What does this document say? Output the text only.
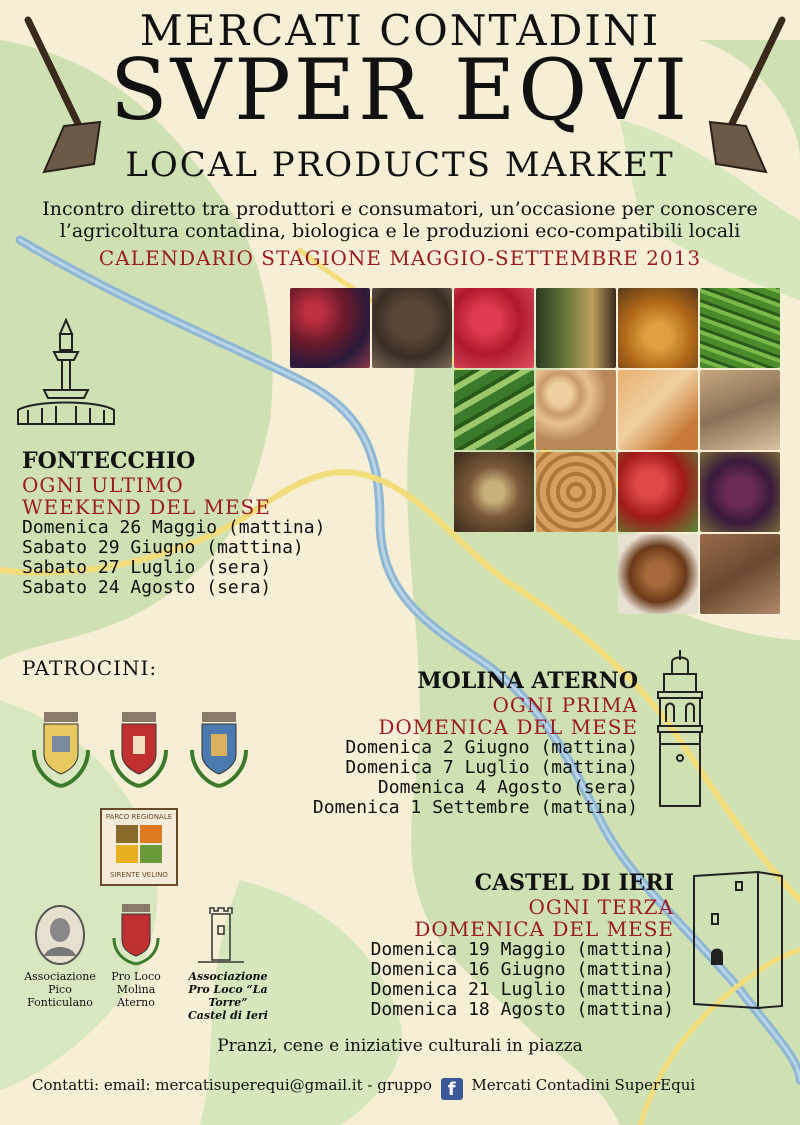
MERCATI CONTADINI
SVPER EQVI
LOCAL PRODUCTS MARKET
Incontro diretto tra produttori e consumatori, un’occasione per conoscere
l’agricoltura contadina, biologica e le produzioni eco-compatibili locali
CALENDARIO STAGIONE MAGGIO-SETTEMBRE 2013
FONTECCHIO
OGNI ULTIMO
WEEKEND DEL MESE
Domenica 26 Maggio (mattina)
Sabato 29 Giugno (mattina)
Sabato 27 Luglio (sera)
Sabato 24 Agosto (sera)
PATROCINI:
PARCO REGIONALE
SIRENTE VELINO
Associazione
Pico
Fonticulano
Pro Loco
Molina
Aterno
Associazione
Pro Loco “La Torre”
Castel di Ieri
MOLINA ATERNO
OGNI PRIMA
DOMENICA DEL MESE
Domenica 2 Giugno (mattina)
Domenica 7 Luglio (mattina)
Domenica 4 Agosto (sera)
Domenica 1 Settembre (mattina)
CASTEL DI IERI
OGNI TERZA
DOMENICA DEL MESE
Domenica 19 Maggio (mattina)
Domenica 16 Giugno (mattina)
Domenica 21 Luglio (mattina)
Domenica 18 Agosto (mattina)
Pranzi, cene e iniziative culturali in piazza
Contatti: email: mercatisuperequi@gmail.it - gruppo f Mercati Contadini SuperEqui
